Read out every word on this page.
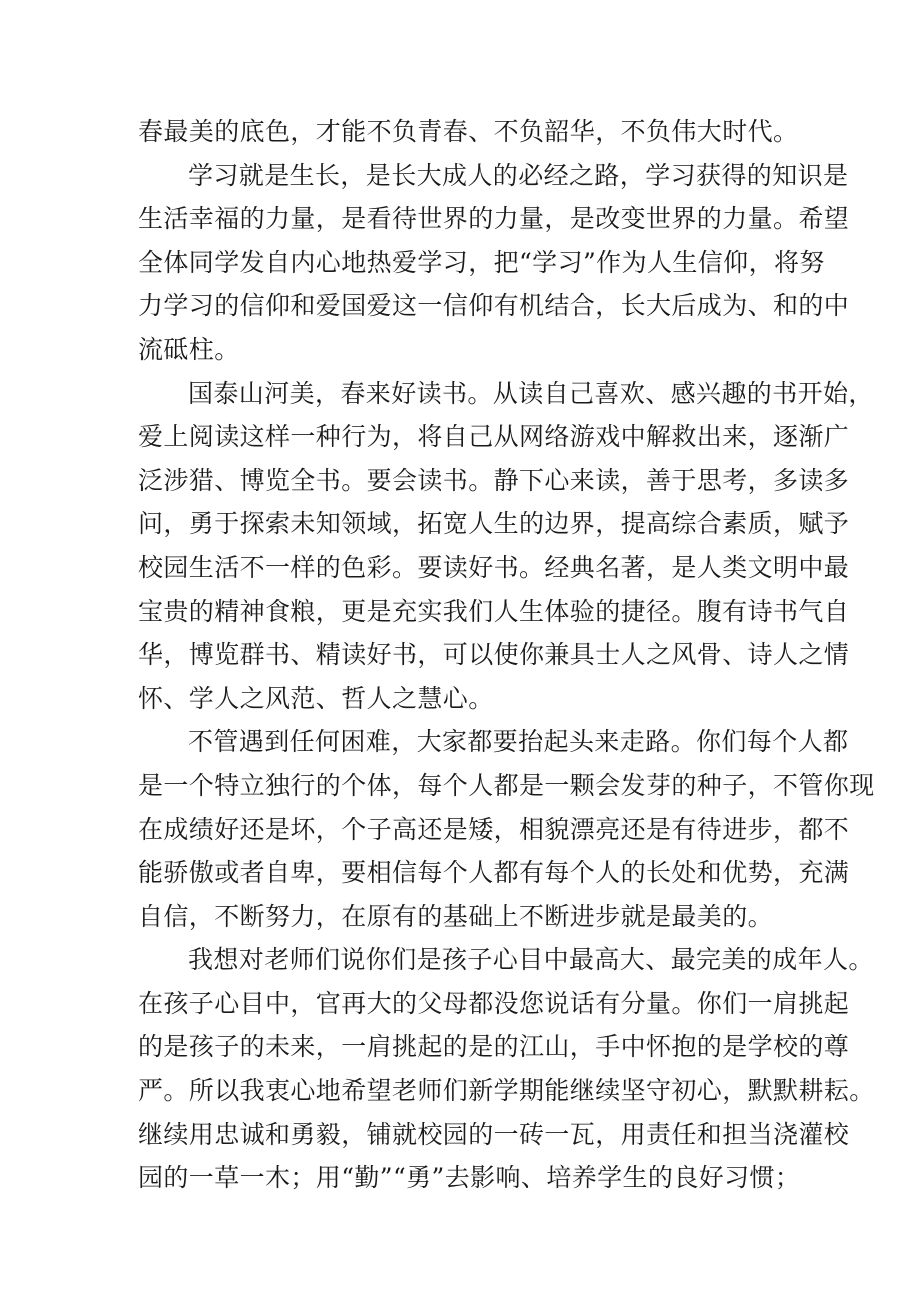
春最美的底色，才能不负青春、不负韶华，不负伟大时代。
学习就是生长，是长大成人的必经之路，学习获得的知识是
生活幸福的力量，是看待世界的力量，是改变世界的力量。希望
全体同学发自内心地热爱学习，把“学习”作为人生信仰，将努
力学习的信仰和爱国爱这一信仰有机结合，长大后成为、和的中
流砥柱。
国泰山河美，春来好读书。从读自己喜欢、感兴趣的书开始，
爱上阅读这样一种行为，将自己从网络游戏中解救出来，逐渐广
泛涉猎、博览全书。要会读书。静下心来读，善于思考，多读多
问，勇于探索未知领域，拓宽人生的边界，提高综合素质，赋予
校园生活不一样的色彩。要读好书。经典名著，是人类文明中最
宝贵的精神食粮，更是充实我们人生体验的捷径。腹有诗书气自
华，博览群书、精读好书，可以使你兼具士人之风骨、诗人之情
怀、学人之风范、哲人之慧心。
不管遇到任何困难，大家都要抬起头来走路。你们每个人都
是一个特立独行的个体，每个人都是一颗会发芽的种子，不管你现
在成绩好还是坏，个子高还是矮，相貌漂亮还是有待进步，都不
能骄傲或者自卑，要相信每个人都有每个人的长处和优势，充满
自信，不断努力，在原有的基础上不断进步就是最美的。
我想对老师们说你们是孩子心目中最高大、最完美的成年人。
在孩子心目中，官再大的父母都没您说话有分量。你们一肩挑起
的是孩子的未来，一肩挑起的是的江山，手中怀抱的是学校的尊
严。所以我衷心地希望老师们新学期能继续坚守初心，默默耕耘。
继续用忠诚和勇毅，铺就校园的一砖一瓦，用责任和担当浇灌校
园的一草一木；用“勤”“勇”去影响、培养学生的良好习惯；
